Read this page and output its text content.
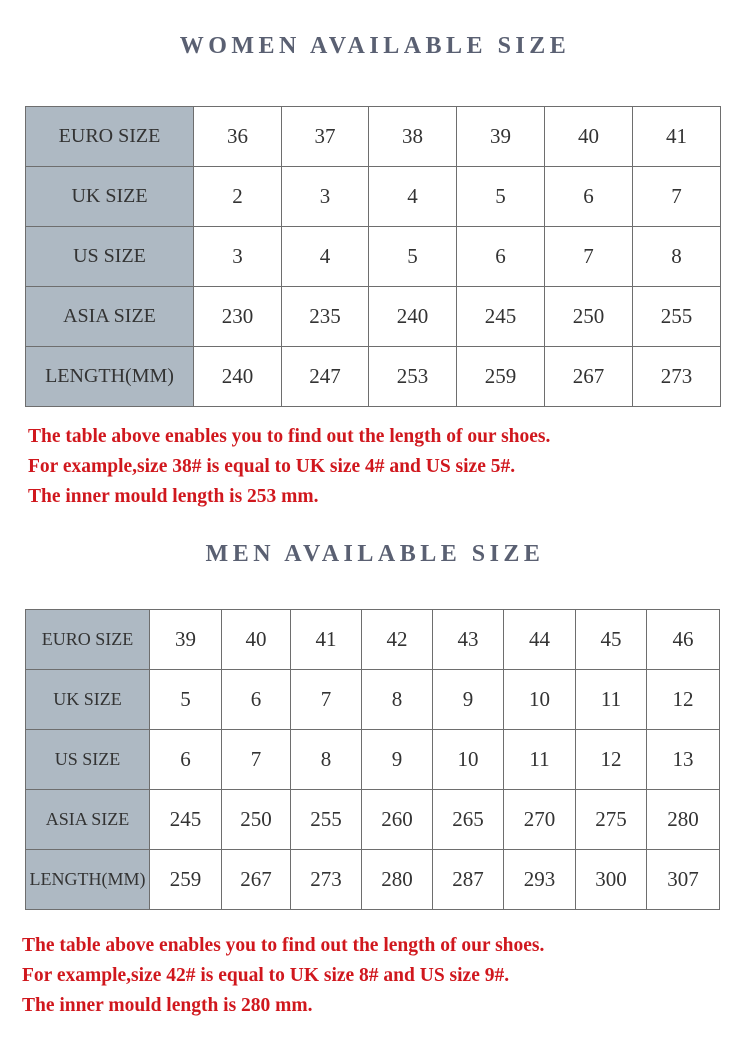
WOMEN AVAILABLE SIZE
EURO SIZE	36	37	38	39	40	41
UK SIZE	2	3	4	5	6	7
US SIZE	3	4	5	6	7	8
ASIA SIZE	230	235	240	245	250	255
LENGTH(MM)	240	247	253	259	267	273
The table above enables you to find out the length of our shoes.
For example,size 38# is equal to UK size 4# and US size 5#.
The inner mould length is 253 mm.
MEN AVAILABLE SIZE
EURO SIZE	39	40	41	42	43	44	45	46
UK SIZE	5	6	7	8	9	10	11	12
US SIZE	6	7	8	9	10	11	12	13
ASIA SIZE	245	250	255	260	265	270	275	280
LENGTH(MM)	259	267	273	280	287	293	300	307
The table above enables you to find out the length of our shoes.
For example,size 42# is equal to UK size 8# and US size 9#.
The inner mould length is 280 mm.
